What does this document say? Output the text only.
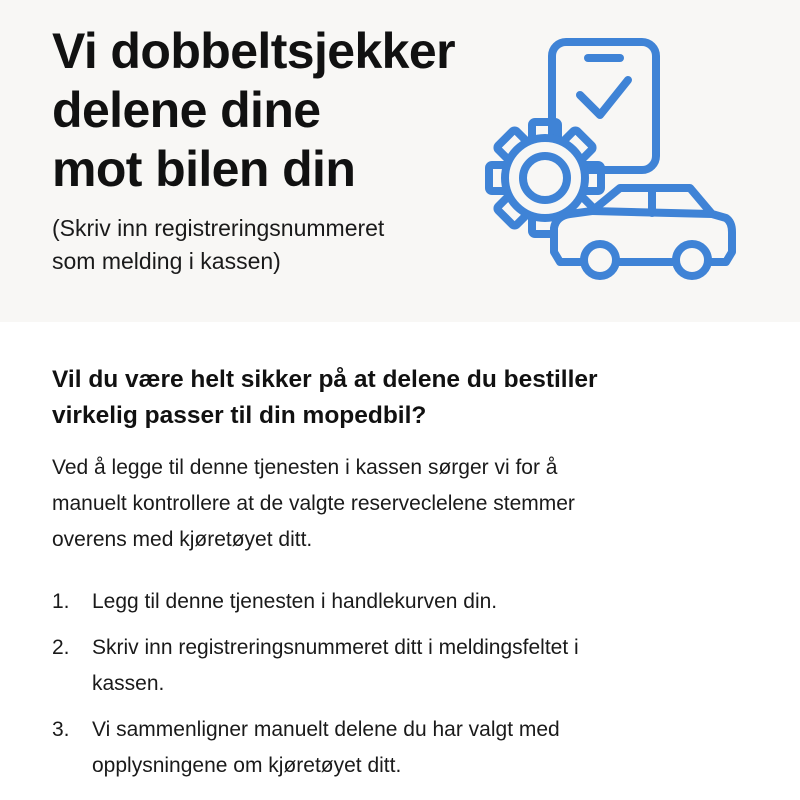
Vi dobbeltsjekker
delene dine
mot bilen din

(Skriv inn registreringsnummeret
som melding i kassen)

Vil du være helt sikker på at delene du bestiller
virkelig passer til din mopedbil?

Ved å legge til denne tjenesten i kassen sørger vi for å
manuelt kontrollere at de valgte reserveclelene stemmer
overens med kjøretøyet ditt.

1. Legg til denne tjenesten i handlekurven din.
2. Skriv inn registreringsnummeret ditt i meldingsfeltet i
kassen.
3. Vi sammenligner manuelt delene du har valgt med
opplysningene om kjøretøyet ditt.
